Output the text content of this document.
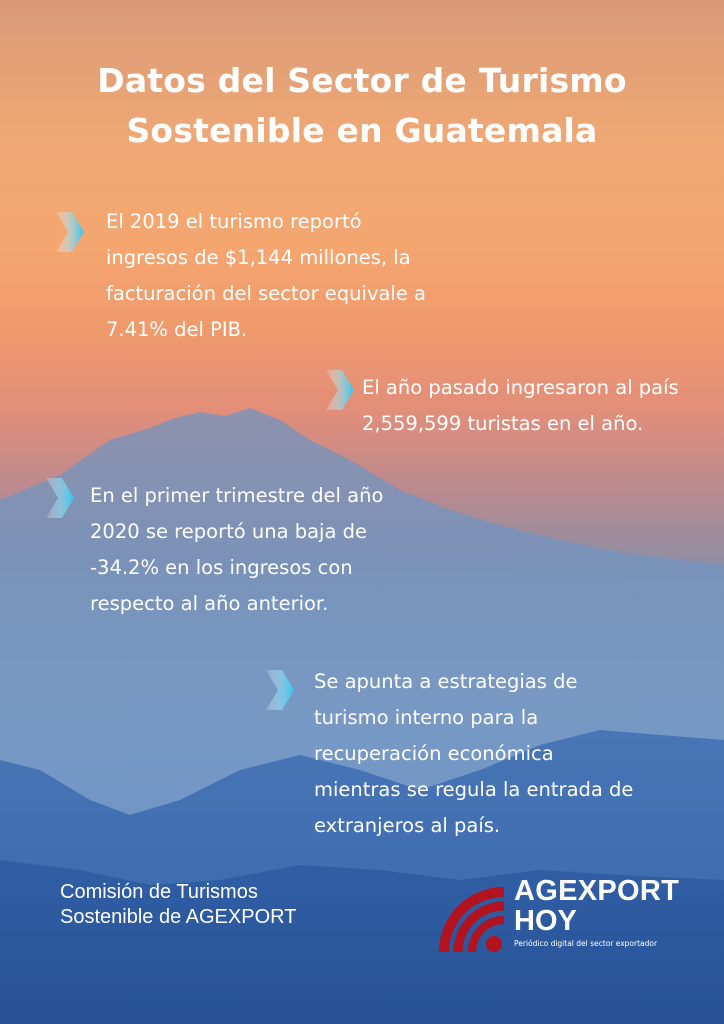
Datos del Sector de Turismo
Sostenible en Guatemala
El 2019 el turismo reportó
ingresos de $1,144 millones, la
facturación del sector equivale a
7.41% del PIB.
El año pasado ingresaron al país
2,559,599 turistas en el año.
En el primer trimestre del año
2020 se reportó una baja de
-34.2% en los ingresos con
respecto al año anterior.
Se apunta a estrategias de
turismo interno para la
recuperación económica
mientras se regula la entrada de
extranjeros al país.
Comisión de Turismos
Sostenible de AGEXPORT
AGEXPORT
HOY
Periódico digital del sector exportador
